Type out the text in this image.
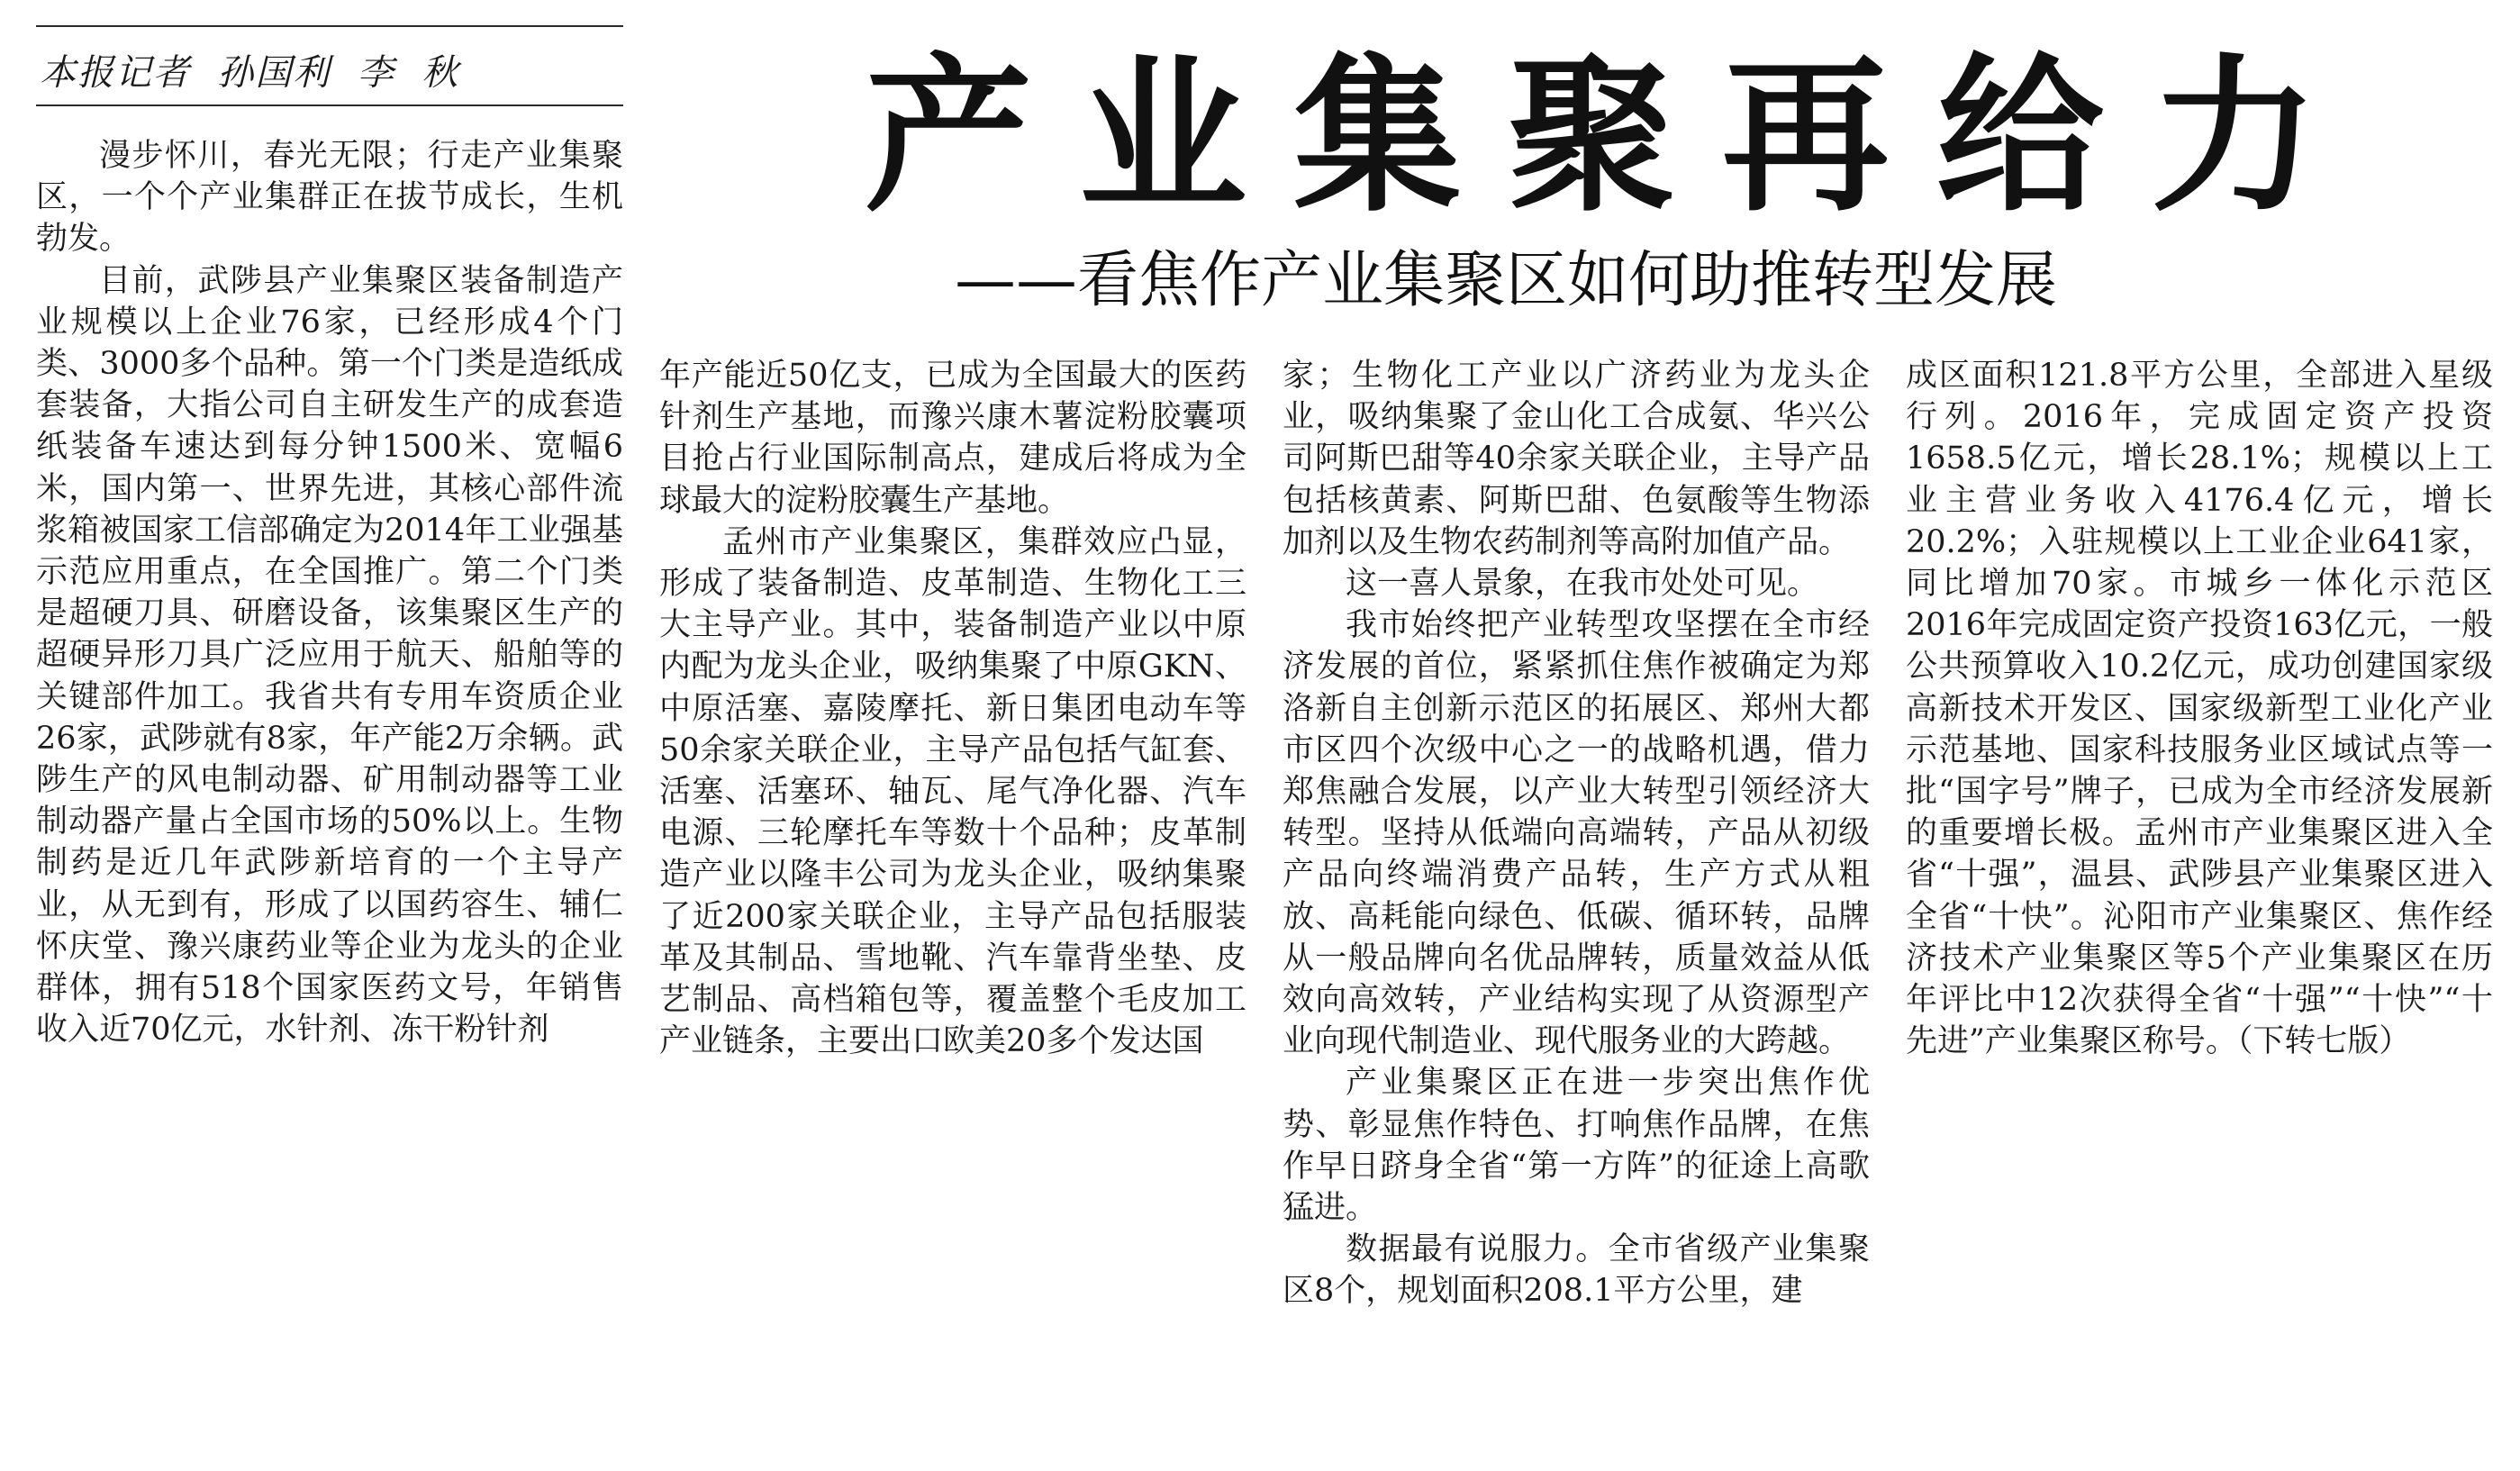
本报记者  孙国利  李  秋	产业集聚再给力
——看焦作产业集聚区如何助推转型发展

漫步怀川，春光无限；行走产业集聚区，一个个产业集群正在拔节成长，生机勃发。

目前，武陟县产业集聚区装备制造产业规模以上企业76家，已经形成4个门类、3000多个品种。第一个门类是造纸成套装备，大指公司自主研发生产的成套造纸装备车速达到每分钟1500米、宽幅6米，国内第一、世界先进，其核心部件流浆箱被国家工信部确定为2014年工业强基示范应用重点，在全国推广。第二个门类是超硬刀具、研磨设备，该集聚区生产的超硬异形刀具广泛应用于航天、船舶等的关键部件加工。我省共有专用车资质企业26家，武陟就有8家，年产能2万余辆。武陟生产的风电制动器、矿用制动器等工业制动器产量占全国市场的50%以上。生物制药是近几年武陟新培育的一个主导产业，从无到有，形成了以国药容生、辅仁怀庆堂、豫兴康药业等企业为龙头的企业群体，拥有518个国家医药文号，年销售收入近70亿元，水针剂、冻干粉针剂

年产能近50亿支，已成为全国最大的医药针剂生产基地，而豫兴康木薯淀粉胶囊项目抢占行业国际制高点，建成后将成为全球最大的淀粉胶囊生产基地。

孟州市产业集聚区，集群效应凸显，形成了装备制造、皮革制造、生物化工三大主导产业。其中，装备制造产业以中原内配为龙头企业，吸纳集聚了中原GKN、中原活塞、嘉陵摩托、新日集团电动车等50余家关联企业，主导产品包括气缸套、活塞、活塞环、轴瓦、尾气净化器、汽车电源、三轮摩托车等数十个品种；皮革制造产业以隆丰公司为龙头企业，吸纳集聚了近200家关联企业，主导产品包括服装革及其制品、雪地靴、汽车靠背坐垫、皮艺制品、高档箱包等，覆盖整个毛皮加工产业链条，主要出口欧美20多个发达国

家；生物化工产业以广济药业为龙头企业，吸纳集聚了金山化工合成氨、华兴公司阿斯巴甜等40余家关联企业，主导产品包括核黄素、阿斯巴甜、色氨酸等生物添加剂以及生物农药制剂等高附加值产品。

这一喜人景象，在我市处处可见。

我市始终把产业转型攻坚摆在全市经济发展的首位，紧紧抓住焦作被确定为郑洛新自主创新示范区的拓展区、郑州大都市区四个次级中心之一的战略机遇，借力郑焦融合发展，以产业大转型引领经济大转型。坚持从低端向高端转，产品从初级产品向终端消费产品转，生产方式从粗放、高耗能向绿色、低碳、循环转，品牌从一般品牌向名优品牌转，质量效益从低效向高效转，产业结构实现了从资源型产业向现代制造业、现代服务业的大跨越。

产业集聚区正在进一步突出焦作优势、彰显焦作特色、打响焦作品牌，在焦作早日跻身全省“第一方阵”的征途上高歌猛进。

数据最有说服力。全市省级产业集聚区8个，规划面积208.1平方公里，建

成区面积121.8平方公里，全部进入星级行列。2016年，完成固定资产投资1658.5亿元，增长28.1%；规模以上工业主营业务收入4176.4亿元，增长20.2%；入驻规模以上工业企业641家，同比增加70家。市城乡一体化示范区2016年完成固定资产投资163亿元，一般公共预算收入10.2亿元，成功创建国家级高新技术开发区、国家级新型工业化产业示范基地、国家科技服务业区域试点等一批“国字号”牌子，已成为全市经济发展新的重要增长极。孟州市产业集聚区进入全省“十强”，温县、武陟县产业集聚区进入全省“十快”。沁阳市产业集聚区、焦作经济技术产业集聚区等5个产业集聚区在历年评比中12次获得全省“十强”“十快”“十先进”产业集聚区称号。（下转七版）
